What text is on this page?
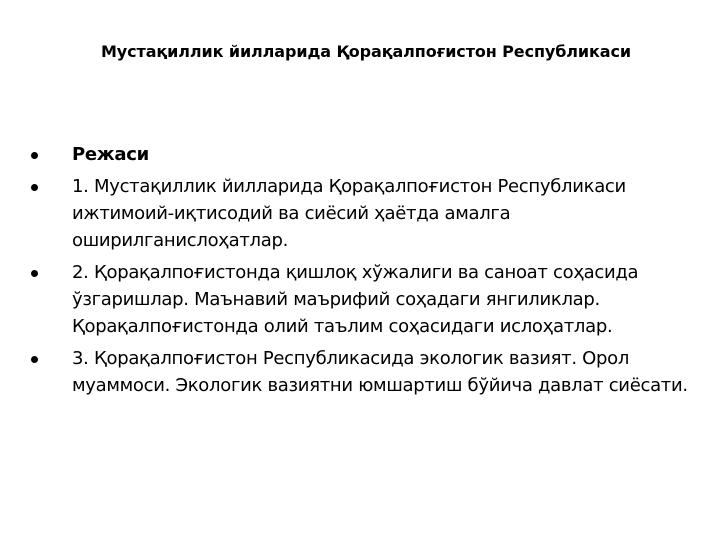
Мустақиллик йилларида Қорақалпоғистон Республикаси
Режаси
1. Мустақиллик йилларида Қорақалпоғистон Республикаси ижтимоий-иқтисодий ва сиёсий ҳаётда амалга оширилганислоҳатлар.
2. Қорақалпоғистонда қишлоқ хўжалиги ва саноат соҳасида ўзгаришлар. Маънавий маърифий соҳадаги янгиликлар. Қорақалпоғистонда олий таълим соҳасидаги ислоҳатлар.
3. Қорақалпоғистон Республикасида экологик вазият. Орол муаммоси. Экологик вазиятни юмшартиш бўйича давлат сиёсати.
